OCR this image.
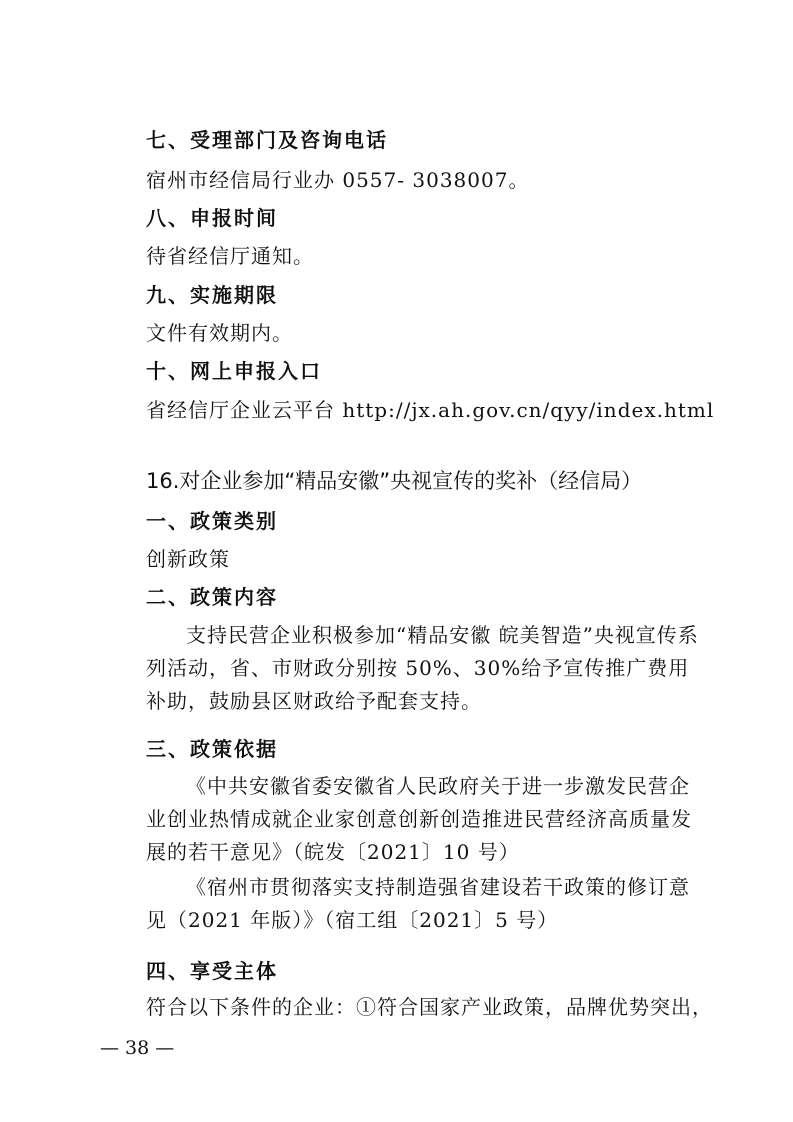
七、受理部门及咨询电话
宿州市经信局行业办 0557- 3038007。
八、申报时间
待省经信厅通知。
九、实施期限
文件有效期内。
十、网上申报入口
省经信厅企业云平台 http://jx.ah.gov.cn/qyy/index.html
16.对企业参加“精品安徽”央视宣传的奖补（经信局）
一、政策类别
创新政策
二、政策内容

支持民营企业积极参加“精品安徽 皖美智造”央视宣传系列活动，省、市财政分别按 50%、30%给予宣传推广费用补助，鼓励县区财政给予配套支持。

三、政策依据

《中共安徽省委安徽省人民政府关于进一步激发民营企业创业热情成就企业家创意创新创造推进民营经济高质量发展的若干意见》（皖发〔2021〕10 号）

《宿州市贯彻落实支持制造强省建设若干政策的修订意见（2021 年版）》（宿工组〔2021〕5 号）

四、享受主体
符合以下条件的企业：①符合国家产业政策，品牌优势突出，
— 38 —
